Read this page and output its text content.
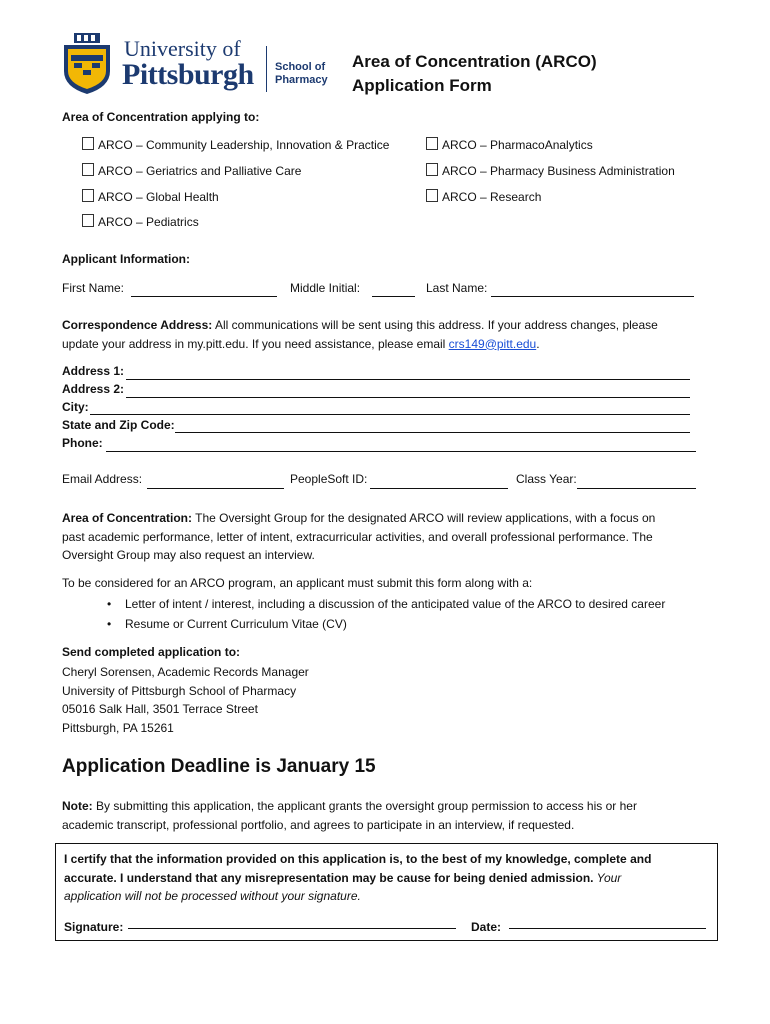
University of
Pittsburgh School of
Pharmacy
Area of Concentration (ARCO)
Application Form
Area of Concentration applying to:
ARCO – Community Leadership, Innovation & Practice
ARCO – Geriatrics and Palliative Care
ARCO – Global Health
ARCO – Pediatrics
ARCO – PharmacoAnalytics
ARCO – Pharmacy Business Administration
ARCO – Research
Applicant Information:
First Name:	Middle Initial:	Last Name:
Correspondence Address: All communications will be sent using this address. If your address changes, please
update your address in my.pitt.edu. If you need assistance, please email crs149@pitt.edu.
Address 1:
Address 2:
City:
State and Zip Code:
Phone:
Email Address:	PeopleSoft ID:	Class Year:
Area of Concentration: The Oversight Group for the designated ARCO will review applications, with a focus on
past academic performance, letter of intent, extracurricular activities, and overall professional performance. The
Oversight Group may also request an interview.
To be considered for an ARCO program, an applicant must submit this form along with a:
• Letter of intent / interest, including a discussion of the anticipated value of the ARCO to desired career
• Resume or Current Curriculum Vitae (CV)
Send completed application to:
Cheryl Sorensen, Academic Records Manager
University of Pittsburgh School of Pharmacy
05016 Salk Hall, 3501 Terrace Street
Pittsburgh, PA 15261
Application Deadline is January 15
Note: By submitting this application, the applicant grants the oversight group permission to access his or her
academic transcript, professional portfolio, and agrees to participate in an interview, if requested.
I certify that the information provided on this application is, to the best of my knowledge, complete and
accurate. I understand that any misrepresentation may be cause for being denied admission. Your
application will not be processed without your signature.
Signature:	Date:
